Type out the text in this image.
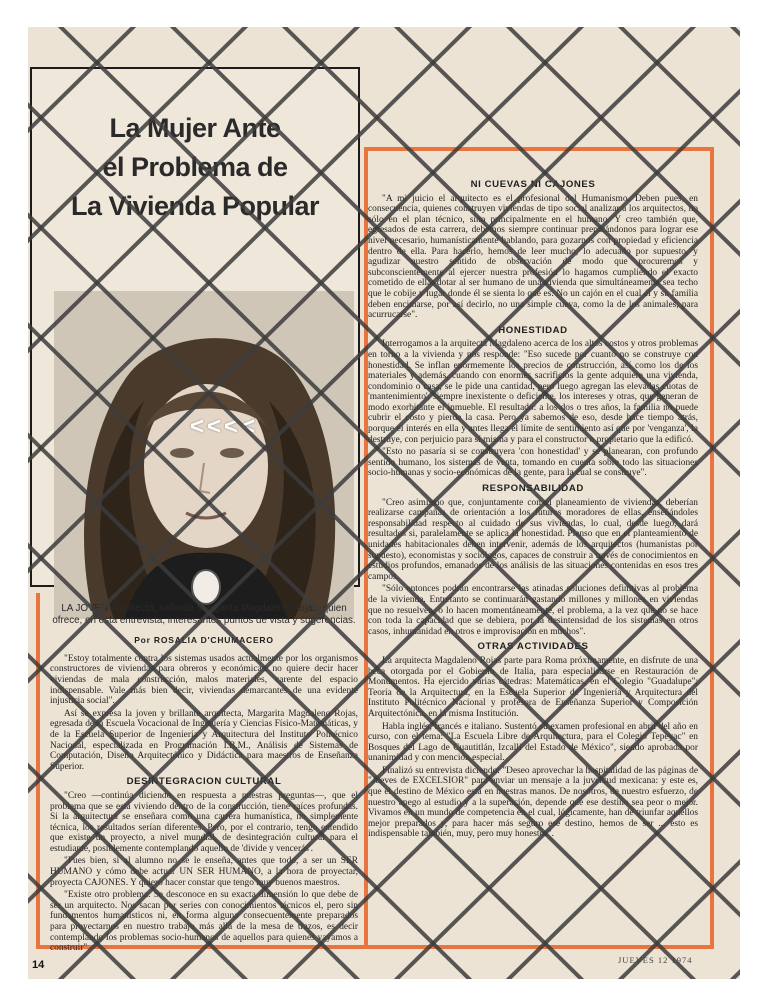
La Mujer Ante
el Problema de
La Vivienda Popular
<<<<
LA JOVEN arquitecta, señorita Margarita Magdaleno Rojas, quien ofrece, en esta entrevista, interesantes puntos de vista y sugerencias.
Por ROSALIA D'CHUMACERO

"Estoy totalmente contra los sistemas usados actualmente por los organismos constructores de viviendas para obreros y económicas: no quiere decir hacer viviendas de mala construcción, malos materiales, carente del espacio indispensable. Vale más bien decir, viviendas demarcantes de una evidente injusticia social".

Así se expresa la joven y brillante arquitecta, Margarita Magdaleno Rojas, egresada de la Escuela Vocacional de Ingeniería y Ciencias Físico-Matemáticas, y de la Escuela Superior de Ingeniería y Arquitectura del Instituto Politécnico Nacional, especializada en Programación I.B.M., Análisis de Sistemas de Computación, Diseño Arquitectónico y Didáctica para maestros de Enseñanza Superior.

DESINTEGRACION CULTURAL

"Creo —continúa diciendo en respuesta a nuestras preguntas—, que el problema que se está viviendo dentro de la construcción, tiene raíces profundas. Si la arquitectura se enseñara como una carrera humanística, no simplemente técnica, los resultados serían diferentes. Pero, por el contrario, tengo entendido que existe un proyecto, a nivel mundial, de desintegración cultural para el estudiante, posiblemente contemplando aquello de 'divide y vencerás'.

"Pues bien, si al alumno no se le enseña, antes que todo, a ser un SER HUMANO y cómo debe actuar UN SER HUMANO, a la hora de proyectar, proyecta CAJONES. Y quiero hacer constar que tengo muy buenos maestros.

"Existe otro problema. Se desconoce en su exacta dimensión lo que debe de ser un arquitecto. Nos sacan por series con conocimientos técnicos el, pero sin fundamentos humanísticos ni, en forma alguna consecuentemente preparados para proyectarnos en nuestro trabajo más allá de la mesa de trazos, es decir contemplando los problemas socio-humanos de aquellos para quienes vayamos a construir".

NI CUEVAS NI CAJONES

"A mi juicio el arquitecto es el profesional del Humanismo. Deben pues, en consecuencia, quienes construyen viviendas de tipo social analizar a los arquitectos, no sólo en el plan técnico, sino principalmente en el humano. Y creo también que, egresados de esta carrera, debemos siempre continuar preparándonos para lograr ese nivel necesario, humanísticamente hablando, para gozarnos con propiedad y eficiencia dentro de ella. Para hacerlo, hemos de leer mucho, lo adecuado por supuesto, y agudizar nuestro sentido de observación de modo que procuremos y subconscientemente al ejercer nuestra profesión lo hagamos cumpliendo el exacto cometido de ella: dotar al ser humano de una vivienda que simultáneamente sea techo que le cobije y lugar donde él se sienta lo que es. No un cajón en el cual él y su familia deben encimarse, por así decirlo, no una simple cueva, como la de los animales, para acurrucarse".

HONESTIDAD

Interrogamos a la arquitecta Magdaleno acerca de los altos costos y otros problemas en torno a la vivienda y nos responde: "Eso sucede por cuanto no se construye con honestidad. Se inflan enormemente los precios de construcción, así como los de los materiales y además, cuando con enormes sacrificios la gente adquiere una vivienda, condominio o casa, se le pide una cantidad, pero luego agregan las elevadas cuotas de 'mantenimiento', siempre inexistente o deficiente, los intereses y otras, que generan de modo exorbitante el inmueble. El resultado: a los dos o tres años, la familia no puede cubrir el costo y pierde la casa. Pero ya sabemos de eso, desde hace tiempo atrás, porque el interés en ella y antes llega el límite de sentimiento así que por 'venganza', la destruye, con perjuicio para sí misma y para el constructor o propietario que la edificó.

"Esto no pasaría si se construyera 'con honestidad' y se planearan, con profundo sentido humano, los sistemas de venta, tomando en cuenta sobre todo las situaciones socio-humanas y socio-económicas de la gente, para la cual se construye".

RESPONSABILIDAD

"Creo asimismo que, conjuntamente con el planeamiento de viviendas, deberían realizarse campañas de orientación a los futuros moradores de ellas, enseñándoles responsabilidad respecto al cuidado de sus viviendas, lo cual, desde luego, dará resultados si, paralelamente se aplica la honestidad. Pienso que en el planteamiento de unidades habitacionales deben intervenir, además de los arquitectos (humanistas por supuesto), economistas y sociólogos, capaces de construir a través de conocimientos en estudios profundos, emanados de los análisis de las situaciones contenidas en esos tres campos.

"Sólo entonces podrán encontrarse las atinadas soluciones definitivas al problema de la vivienda. Entretanto se continuarán gastando millones y millones en viviendas que no resuelven, o lo hacen momentáneamente, el problema, a la vez que no se hace con toda la capacidad que se debiera, por la desintensidad de los sistemas en otros casos, inhumanidad en otros e improvisación en muchos".

OTRAS ACTIVIDADES

La arquitecta Magdaleno Rojas parte para Roma próximamente, en disfrute de una beca otorgada por el Gobierno de Italia, para especializarse en Restauración de Monumentos. Ha ejercido varias cátedras: Matemáticas, en el Colegio "Guadalupe"; Teoría de la Arquitectura, en la Escuela Superior de Ingeniería y Arquitectura del Instituto Politécnico Nacional y profesora de Enseñanza Superior y Composición Arquitectónica, en la misma Institución.

Habla inglés, francés e italiano. Sustentó su examen profesional en abril del año en curso, con el tema: "La Escuela Libre de Arquitectura, para el Colegio Tepeyac" en Bosques del Lago de Cuautitlán, Izcalli del Estado de México", siendo aprobada por unanimidad y con mención especial.

Finalizó su entrevista diciendo: "Deseo aprovechar la hospitalidad de las páginas de "Jueves de EXCELSIOR" para enviar un mensaje a la juventud mexicana: y este es, que el destino de México está en nuestras manos. De nosotros, de nuestro esfuerzo, de nuestro apego al estudio y a la superación, depende que ese destino sea peor o mejor. Vivamos en un mundo de competencia en el cual, lógicamente, han de triunfar aquellos mejor preparados y, para hacer más seguro ese destino, hemos de ser ... esto es indispensable también, muy, pero muy honestos".

14	JUEVES 12 1974
